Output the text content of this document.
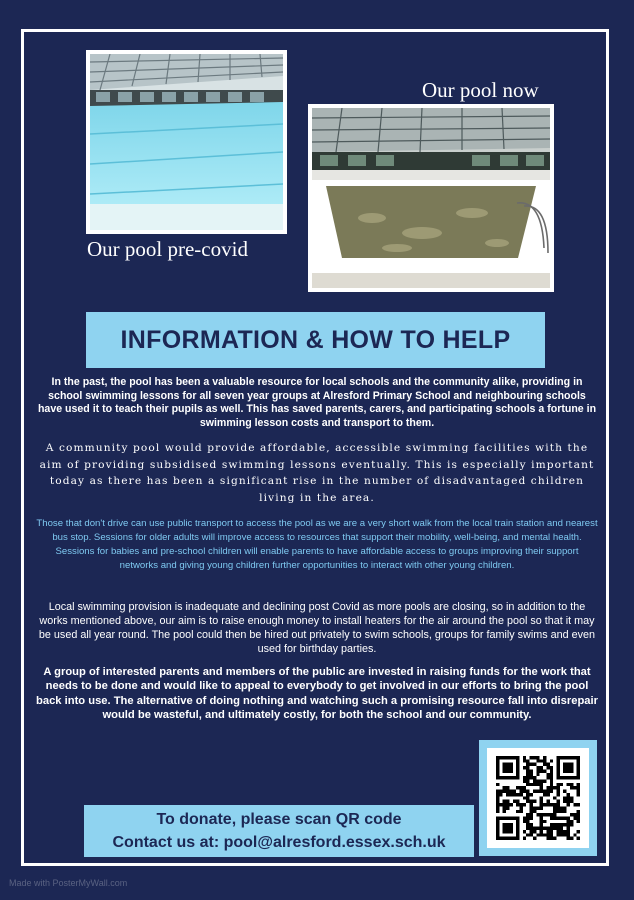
Our pool pre-covid
Our pool now
INFORMATION & HOW TO HELP
In the past, the pool has been a valuable resource for local schools and the community alike, providing in school swimming lessons for all seven year groups at Alresford Primary School and neighbouring schools have used it to teach their pupils as well. This has saved parents, carers, and participating schools a fortune in swimming lesson costs and transport to them.
A community pool would provide affordable, accessible swimming facilities with the aim of providing subsidised swimming lessons eventually. This is especially important today as there has been a significant rise in the number of disadvantaged children living in the area.
Those that don't drive can use public transport to access the pool as we are a very short walk from the local train station and nearest bus stop. Sessions for older adults will improve access to resources that support their mobility, well-being, and mental health. Sessions for babies and pre-school children will enable parents to have affordable access to groups improving their support networks and giving young children further opportunities to interact with other young children.
Local swimming provision is inadequate and declining post Covid as more pools are closing, so in addition to the works mentioned above, our aim is to raise enough money to install heaters for the air around the pool so that it may be used all year round. The pool could then be hired out privately to swim schools, groups for family swims and even used for birthday parties.
A group of interested parents and members of the public are invested in raising funds for the work that needs to be done and would like to appeal to everybody to get involved in our efforts to bring the pool back into use. The alternative of doing nothing and watching such a promising resource fall into disrepair would be wasteful, and ultimately costly, for both the school and our community.
To donate, please scan QR code
Contact us at: pool@alresford.essex.sch.uk
Made with PosterMyWall.com
